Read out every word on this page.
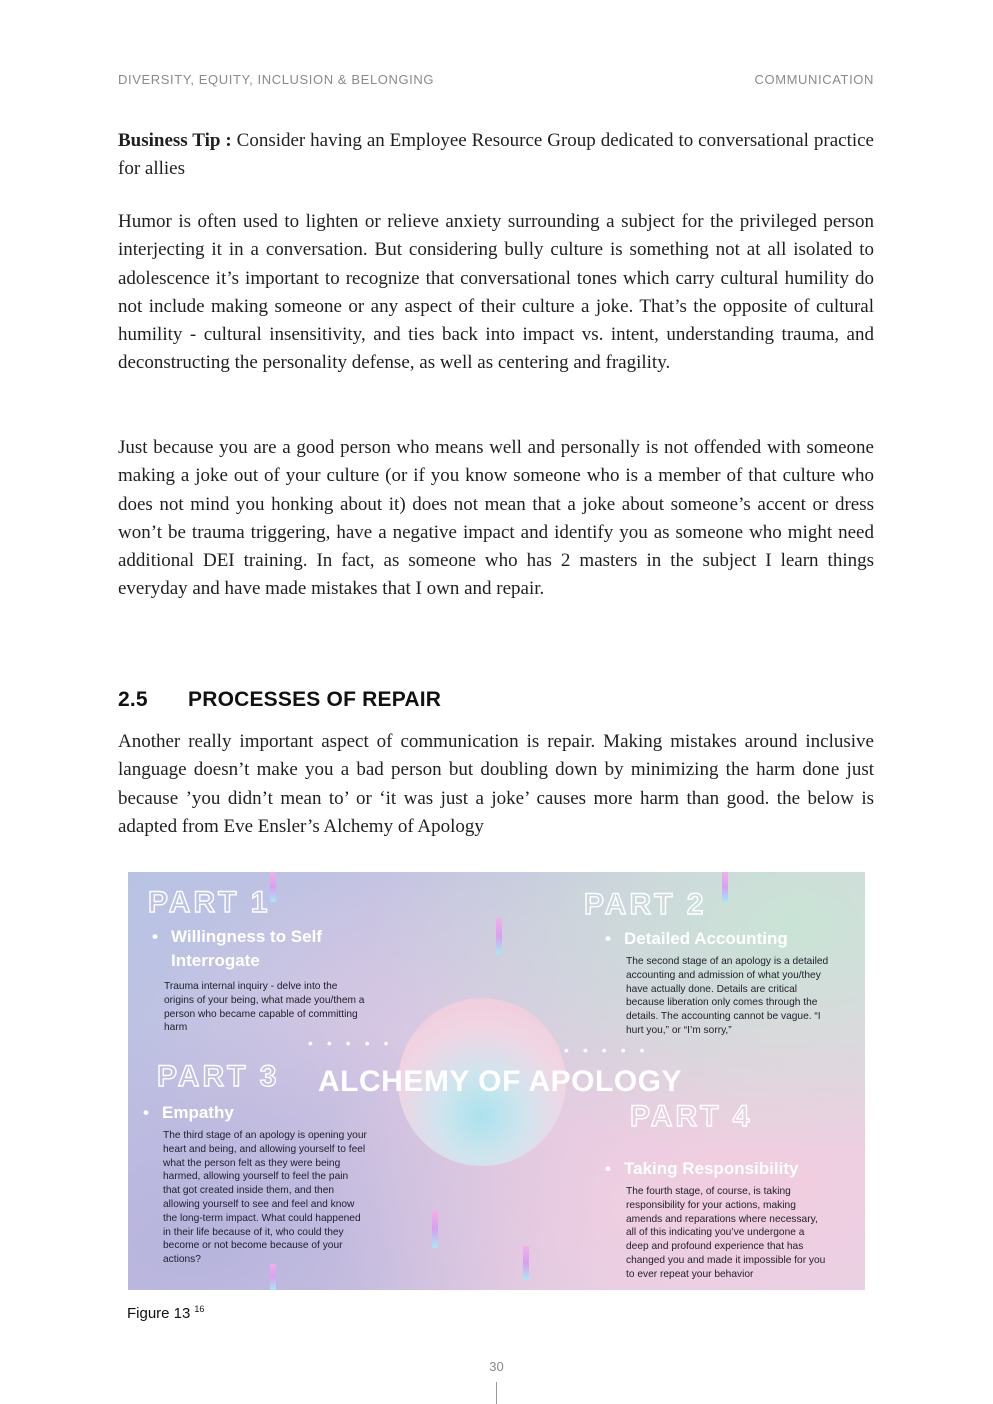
DIVERSITY, EQUITY, INCLUSION & BELONGING	COMMUNICATION

Business Tip : Consider having an Employee Resource Group dedicated to conversational practice for allies

Humor is often used to lighten or relieve anxiety surrounding a subject for the privileged person interjecting it in a conversation. But considering bully culture is something not at all isolated to adolescence it’s important to recognize that conversational tones which carry cultural humility do not include making someone or any aspect of their culture a joke. That’s the opposite of cultural humility - cultural insensitivity, and ties back into impact vs. intent, understanding trauma, and deconstructing the personality defense, as well as centering and fragility.

Just because you are a good person who means well and personally is not offended with someone making a joke out of your culture (or if you know someone who is a member of that culture who does not mind you honking about it) does not mean that a joke about someone’s accent or dress won’t be trauma triggering, have a negative impact and identify you as someone who might need additional DEI training. In fact, as someone who has 2 masters in the subject I learn things everyday and have made mistakes that I own and repair.

2.5 PROCESSES OF REPAIR

Another really important aspect of communication is repair. Making mistakes around inclusive language doesn’t make you a bad person but doubling down by minimizing the harm done just because ’you didn’t mean to’ or ‘it was just a joke’ causes more harm than good. the below is adapted from Eve Ensler’s Alchemy of Apology

•••••	•••••
PART 1
• Willingness to Self
Interrogate
Trauma internal inquiry - delve into the origins of your being, what made you/them a person who became capable of committing harm
PART 2
• Detailed Accounting
The second stage of an apology is a detailed accounting and admission of what you/they have actually done. Details are critical because liberation only comes through the details. The accounting cannot be vague. “I hurt you,” or “I’m sorry,”
PART 3
• Empathy
The third stage of an apology is opening your heart and being, and allowing yourself to feel what the person felt as they were being harmed, allowing yourself to feel the pain that got created inside them, and then allowing yourself to see and feel and know the long-term impact. What could happened in their life because of it, who could they become or not become because of your actions?
ALCHEMY OF APOLOGY
PART 4
• Taking Responsibility
The fourth stage, of course, is taking responsibility for your actions, making amends and reparations where necessary, all of this indicating you’ve undergone a deep and profound experience that has changed you and made it impossible for you to ever repeat your behavior
Figure 13 $^{16}$
30
